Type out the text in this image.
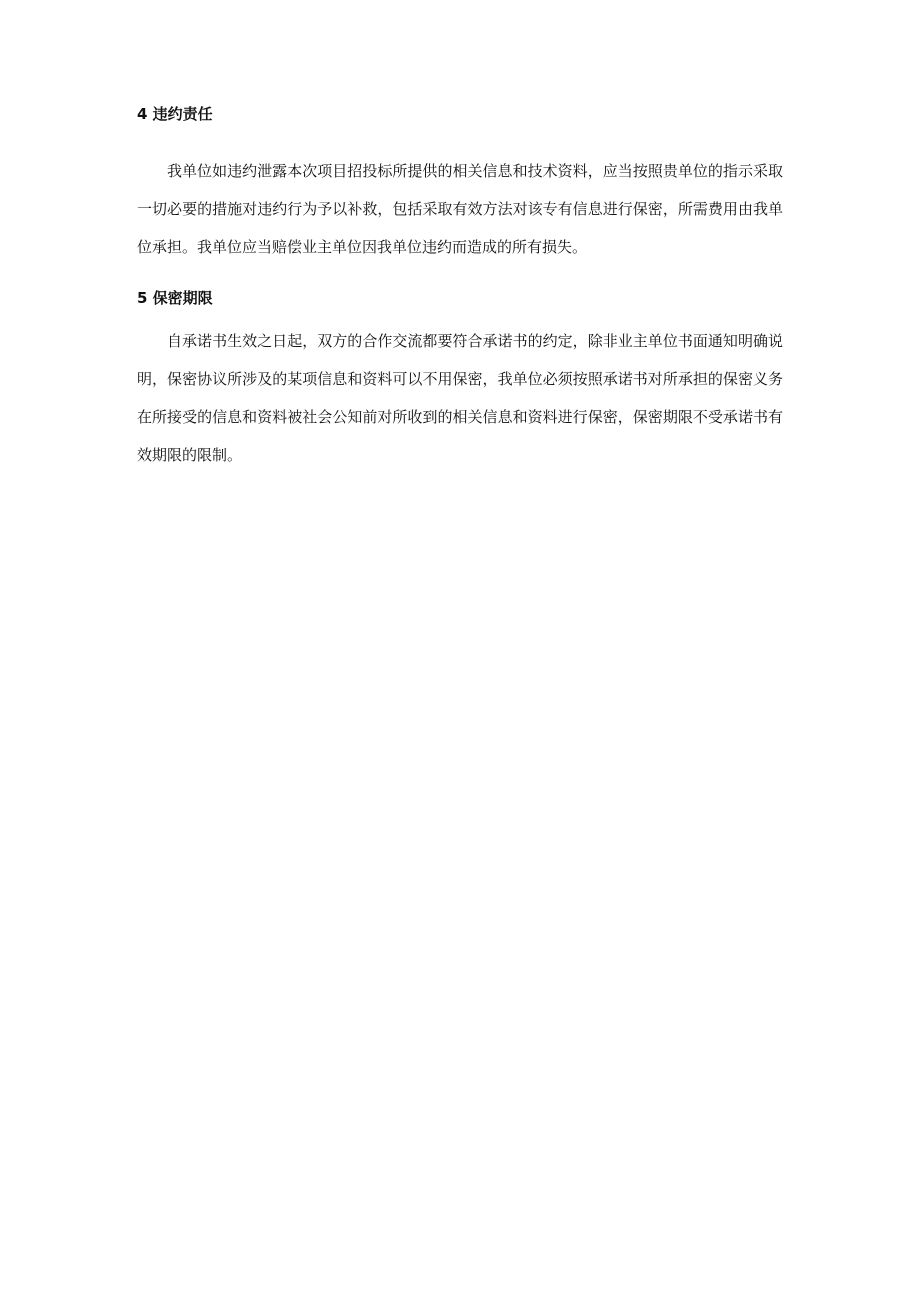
4 违约责任

我单位如违约泄露本次项目招投标所提供的相关信息和技术资料，应当按照贵单位的指示采取一切必要的措施对违约行为予以补救，包括采取有效方法对该专有信息进行保密，所需费用由我单位承担。我单位应当赔偿业主单位因我单位违约而造成的所有损失。

5 保密期限

自承诺书生效之日起，双方的合作交流都要符合承诺书的约定，除非业主单位书面通知明确说明，保密协议所涉及的某项信息和资料可以不用保密，我单位必须按照承诺书对所承担的保密义务在所接受的信息和资料被社会公知前对所收到的相关信息和资料进行保密，保密期限不受承诺书有效期限的限制。
